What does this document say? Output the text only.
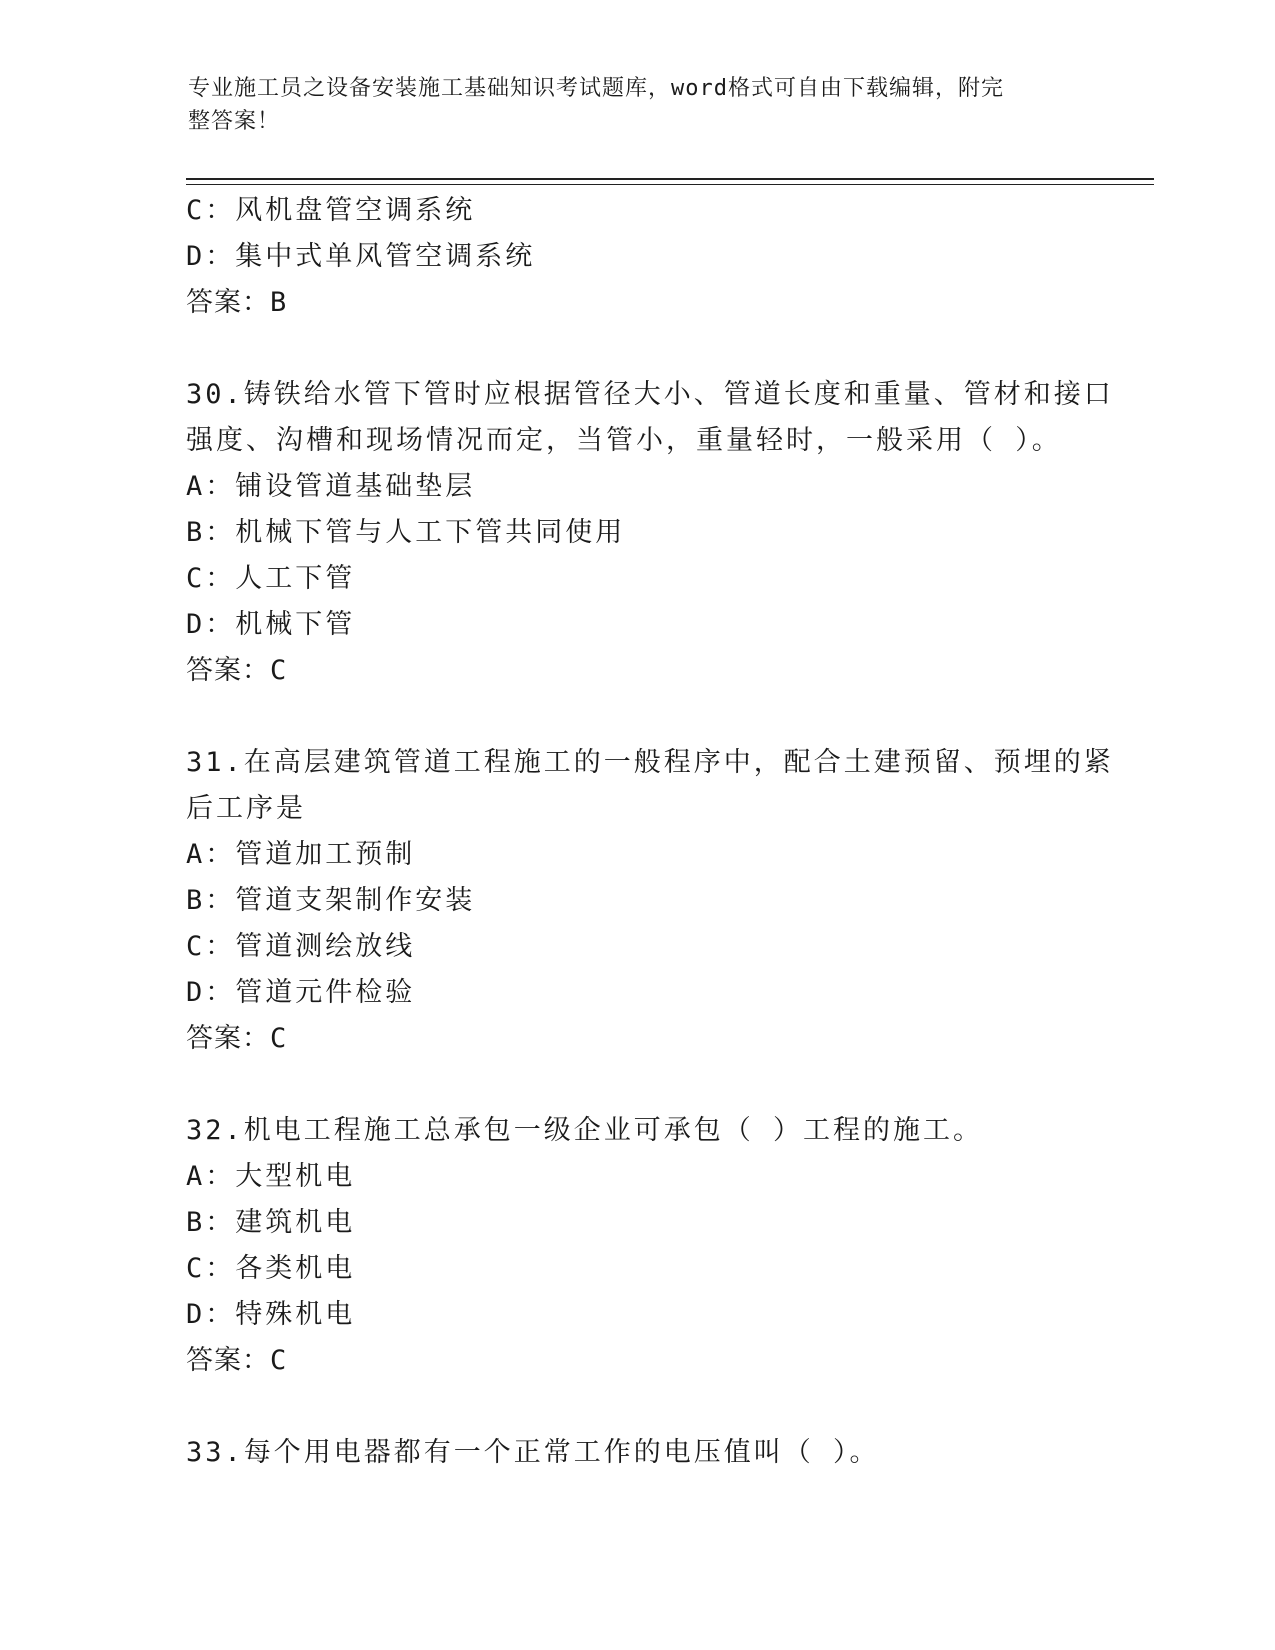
专业施工员之设备安装施工基础知识考试题库，word格式可自由下载编辑，附完
整答案！
C：风机盘管空调系统
D：集中式单风管空调系统
答案：B
30.铸铁给水管下管时应根据管径大小、管道长度和重量、管材和接口
强度、沟槽和现场情况而定，当管小，重量轻时，一般采用（ ）。
A：铺设管道基础垫层
B：机械下管与人工下管共同使用
C：人工下管
D：机械下管
答案：C
31.在高层建筑管道工程施工的一般程序中，配合土建预留、预埋的紧
后工序是
A：管道加工预制
B：管道支架制作安装
C：管道测绘放线
D：管道元件检验
答案：C
32.机电工程施工总承包一级企业可承包（ ）工程的施工。
A：大型机电
B：建筑机电
C：各类机电
D：特殊机电
答案：C
33.每个用电器都有一个正常工作的电压值叫（ ）。
